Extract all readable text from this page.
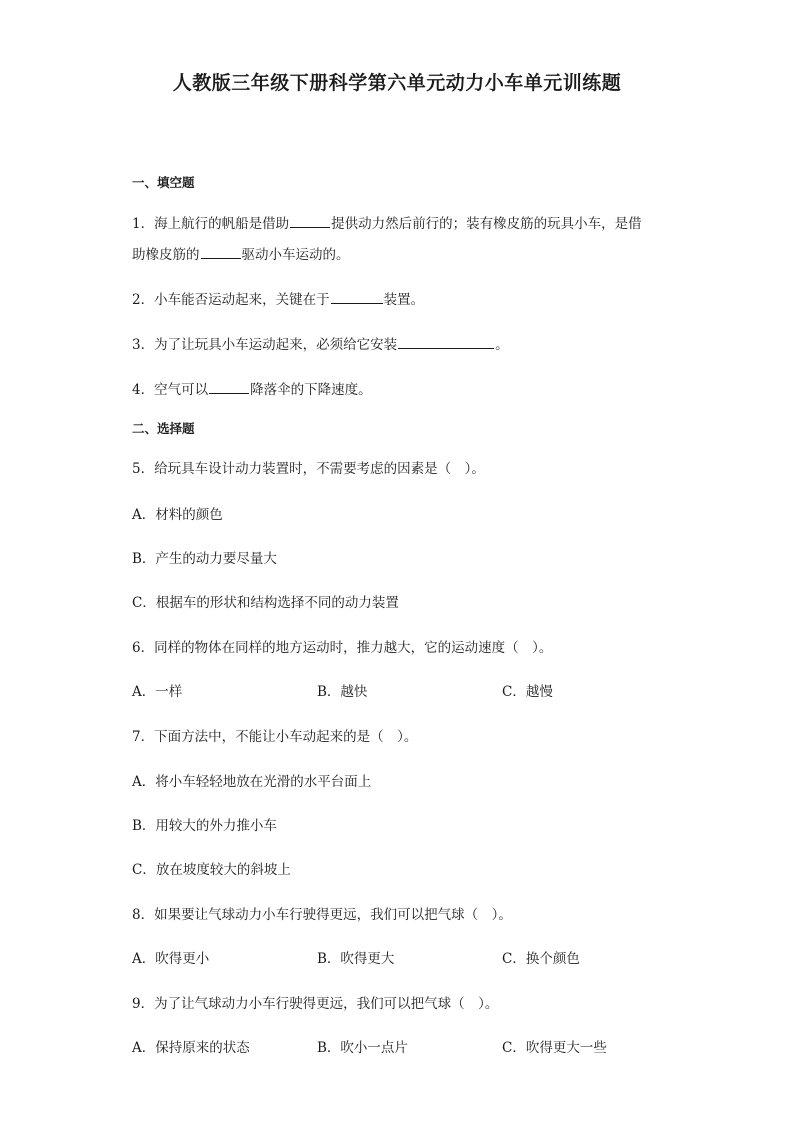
人教版三年级下册科学第六单元动力小车单元训练题
一、填空题
1．海上航行的帆船是借助	提供动力然后前行的；装有橡皮筋的玩具小车，是借
助橡皮筋的	驱动小车运动的。
2．小车能否运动起来，关键在于	装置。
3．为了让玩具小车运动起来，必须给它安装	。
4．空气可以	降落伞的下降速度。
二、选择题
5．给玩具车设计动力装置时，不需要考虑的因素是（　）。
A．材料的颜色
B．产生的动力要尽量大
C．根据车的形状和结构选择不同的动力装置
6．同样的物体在同样的地方运动时，推力越大，它的运动速度（　）。
A．一样	B．越快	C．越慢
7．下面方法中，不能让小车动起来的是（　）。
A．将小车轻轻地放在光滑的水平台面上
B．用较大的外力推小车
C．放在坡度较大的斜坡上
8．如果要让气球动力小车行驶得更远，我们可以把气球（　）。
A．吹得更小	B．吹得更大	C．换个颜色
9．为了让气球动力小车行驶得更远，我们可以把气球（　）。
A．保持原来的状态	B．吹小一点片	C．吹得更大一些
